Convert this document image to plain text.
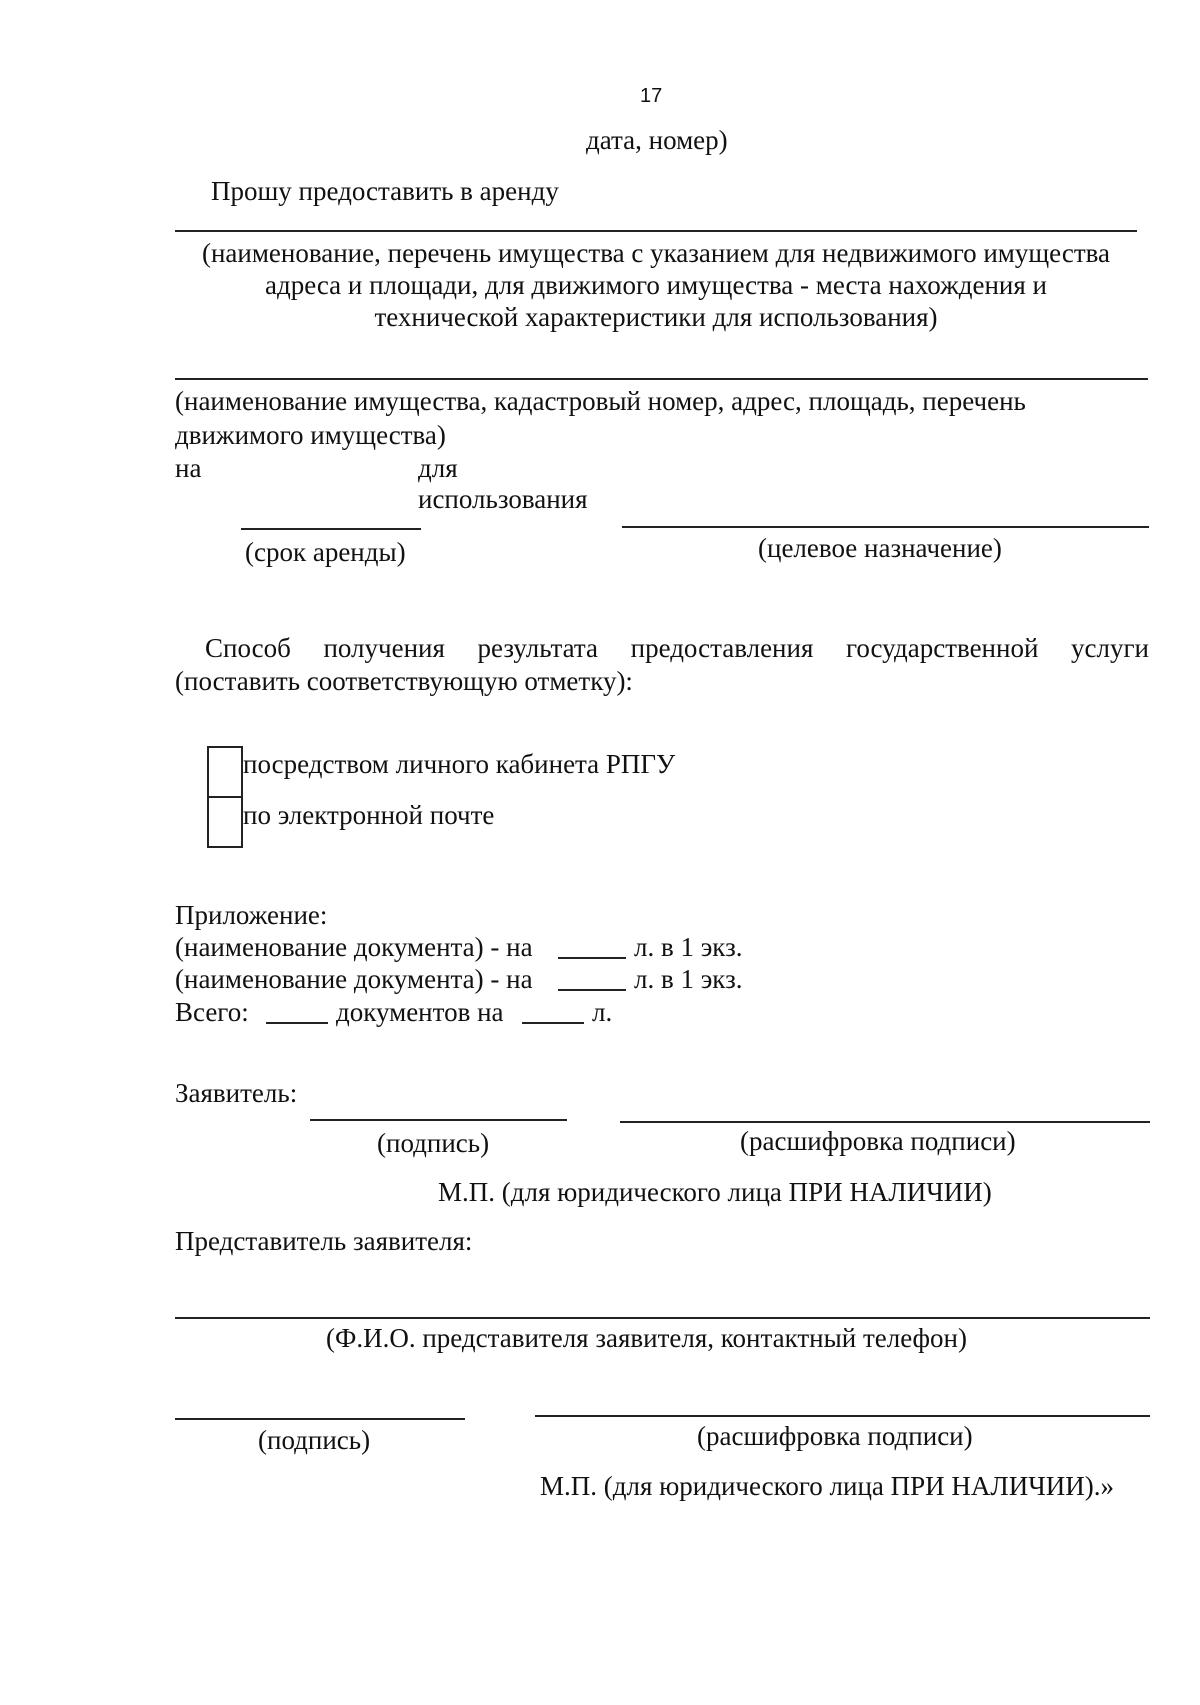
17
дата, номер)
Прошу предоставить в аренду
(наименование, перечень имущества с указанием для недвижимого имущества
адреса и площади, для движимого имущества - места нахождения и
технической характеристики для использования)
(наименование имущества, кадастровый номер, адрес, площадь, перечень
движимого имущества)
на	для
использования
(срок аренды)	(целевое назначение)
Способ получения результата предоставления государственной услуги
(поставить соответствующую отметку):
посредством личного кабинета РПГУ
по электронной почте
Приложение:
(наименование документа) - на	л. в 1 экз.
(наименование документа) - на	л. в 1 экз.
Всего:	документов на	л.
Заявитель:
(подпись)	(расшифровка подписи)
М.П. (для юридического лица ПРИ НАЛИЧИИ)
Представитель заявителя:
(Ф.И.О. представителя заявителя, контактный телефон)
(подпись)	(расшифровка подписи)
М.П. (для юридического лица ПРИ НАЛИЧИИ).»
